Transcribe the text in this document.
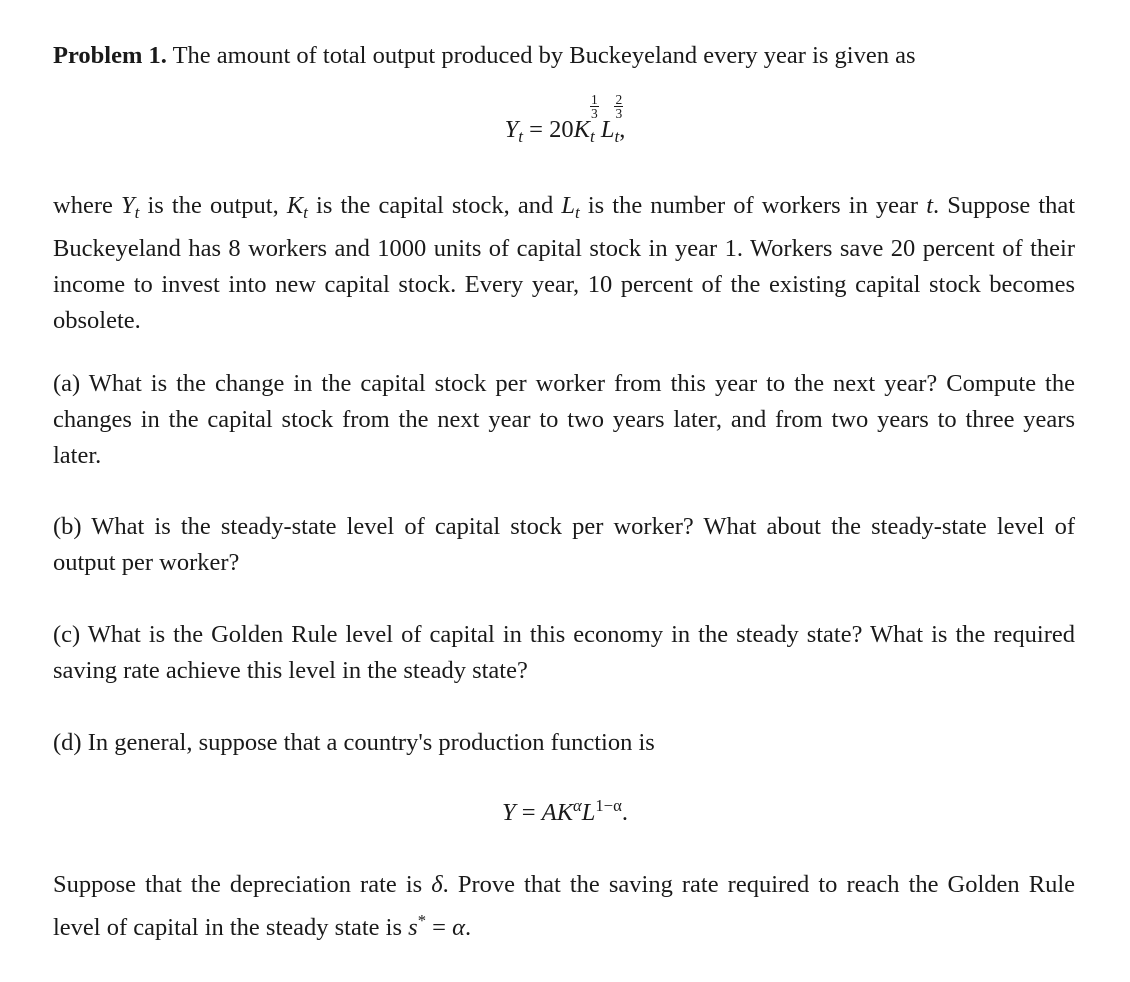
Problem 1. The amount of total output produced by Buckeyeland every year is given as

$Y_t = 20K$
$\frac{1}{3}$
t L
$\frac{2}{3}$
t,

where $Y_t$ is the output, $K_t$ is the capital stock, and $L_t$ is the number of workers in year t. Suppose that Buckeyeland has 8 workers and 1000 units of capital stock in year 1. Workers save 20 percent of their income to invest into new capital stock. Every year, 10 percent of the existing capital stock becomes obsolete.

(a) What is the change in the capital stock per worker from this year to the next year? Compute the changes in the capital stock from the next year to two years later, and from two years to three years later.

(b) What is the steady-state level of capital stock per worker? What about the steady-state level of output per worker?

(c) What is the Golden Rule level of capital in this economy in the steady state? What is the required saving rate achieve this level in the steady state?

(d) In general, suppose that a country's production function is

$Y = AK^\alpha L^{1-\alpha}$.

Suppose that the depreciation rate is δ. Prove that the saving rate required to reach the Golden Rule level of capital in the steady state is s* = α.
